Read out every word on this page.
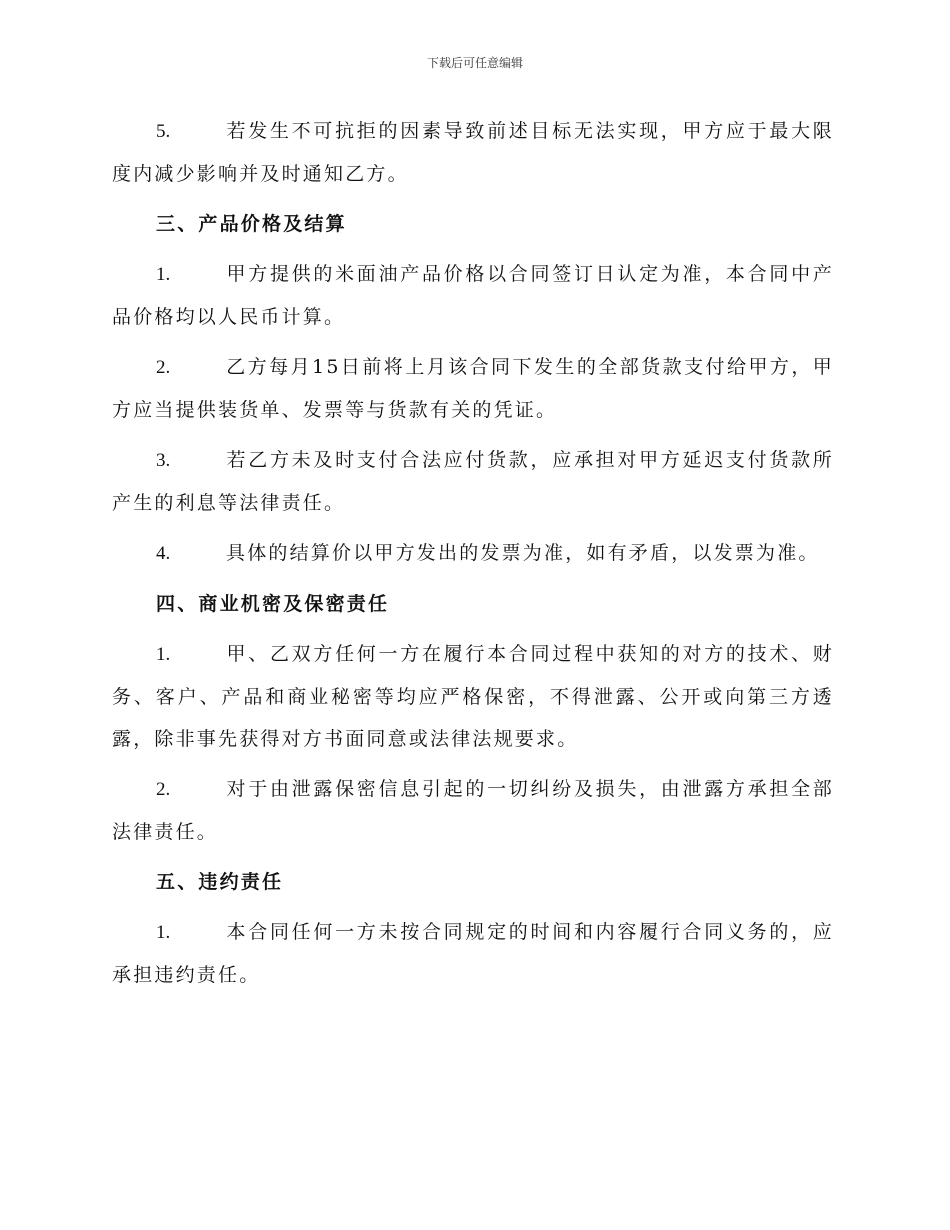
下载后可任意编辑

5.	若发生不可抗拒的因素导致前述目标无法实现，甲方应于最大限度内减少影响并及时通知乙方。

三、产品价格及结算

1.	甲方提供的米面油产品价格以合同签订日认定为准，本合同中产品价格均以人民币计算。

2.	乙方每月15日前将上月该合同下发生的全部货款支付给甲方，甲方应当提供装货单、发票等与货款有关的凭证。

3.	若乙方未及时支付合法应付货款，应承担对甲方延迟支付货款所产生的利息等法律责任。

4.	具体的结算价以甲方发出的发票为准，如有矛盾，以发票为准。

四、商业机密及保密责任

1.	甲、乙双方任何一方在履行本合同过程中获知的对方的技术、财务、客户、产品和商业秘密等均应严格保密，不得泄露、公开或向第三方透露，除非事先获得对方书面同意或法律法规要求。

2.	对于由泄露保密信息引起的一切纠纷及损失，由泄露方承担全部法律责任。

五、违约责任

1.	本合同任何一方未按合同规定的时间和内容履行合同义务的，应承担违约责任。
